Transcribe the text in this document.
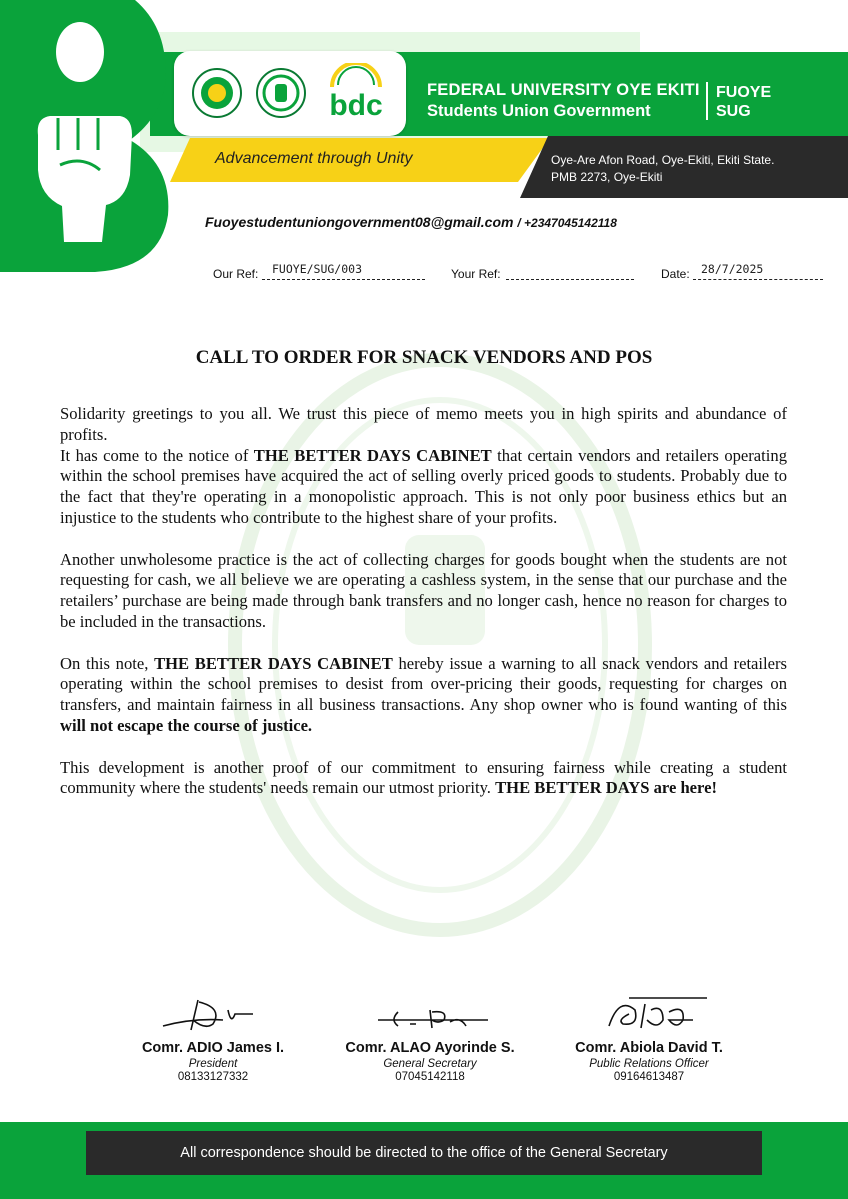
bdc	FEDERAL UNIVERSITY OYE EKITI
Students Union Government
FUOYE
SUG
Advancement through Unity	Oye-Are Afon Road, Oye-Ekiti, Ekiti State.
PMB 2273, Oye-Ekiti
Fuoyestudentuniongovernment08@gmail.com / +2347045142118
Our Ref: FUOYE/SUG/003	Your Ref:	Date: 28/7/2025
CALL TO ORDER FOR SNACK VENDORS AND POS

Solidarity greetings to you all. We trust this piece of memo meets you in high spirits and abundance of profits.

It has come to the notice of THE BETTER DAYS CABINET that certain vendors and retailers operating within the school premises have acquired the act of selling overly priced goods to students. Probably due to the fact that they're operating in a monopolistic approach. This is not only poor business ethics but an injustice to the students who contribute to the highest share of your profits.

Another unwholesome practice is the act of collecting charges for goods bought when the students are not requesting for cash, we all believe we are operating a cashless system, in the sense that our purchase and the retailers’ purchase are being made through bank transfers and no longer cash, hence no reason for charges to be included in the transactions.

On this note, THE BETTER DAYS CABINET hereby issue a warning to all snack vendors and retailers operating within the school premises to desist from over-pricing their goods, requesting for charges on transfers, and maintain fairness in all business transactions. Any shop owner who is found wanting of this will not escape the course of justice.

This development is another proof of our commitment to ensuring fairness while creating a student community where the students' needs remain our utmost priority. THE BETTER DAYS are here!

Comr. ADIO James I.
President
08133127332
Comr. ALAO Ayorinde S.
General Secretary
07045142118
Comr. Abiola David T.
Public Relations Officer
09164613487
All correspondence should be directed to the office of the General Secretary
